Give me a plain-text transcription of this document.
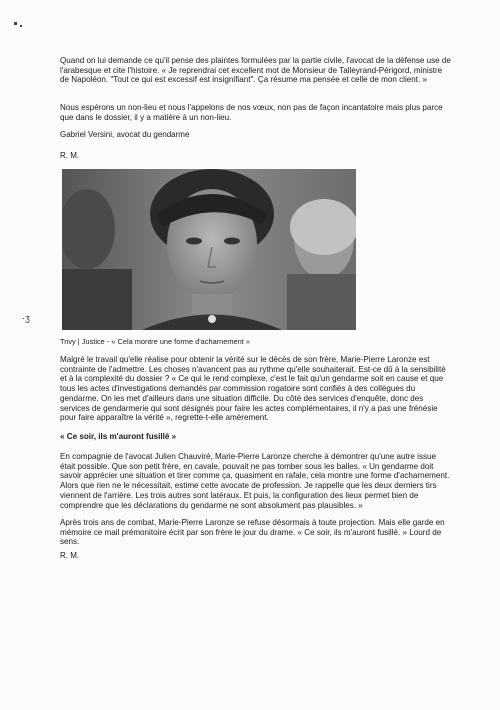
·ʒ

Quand on lui demande ce qu'il pense des plaintes formulées par la partie civile, l'avocat de la défense use de l'arabesque et cite l'histoire. « Je reprendrai cet excellent mot de Monsieur de Talleyrand-Périgord, ministre de Napoléon. "Tout ce qui est excessif est insignifiant". Ça résume ma pensée et celle de mon client. »

Nous espérons un non-lieu et nous l'appelons de nos vœux, non pas de façon incantatoire mais plus parce que dans le dossier, il y a matière à un non-lieu.

Gabriel Versini, avocat du gendarme
R. M.
Trivy | Justice - « Cela montre une forme d'acharnement »

Malgré le travail qu'elle réalise pour obtenir la vérité sur le décès de son frère, Marie-Pierre Laronze est contrainte de l'admettre. Les choses n'avancent pas au rythme qu'elle souhaiterait. Est-ce dû à la sensibilité et à la complexité du dossier ? « Ce qui le rend complexe, c'est le fait qu'un gendarme soit en cause et que tous les actes d'investigations demandés par commission rogatoire sont confiés à des collègues du gendarme. On les met d'ailleurs dans une situation difficile. Du côté des services d'enquête, donc des services de gendarmerie qui sont désignés pour faire les actes complémentaires, il n'y a pas une frénésie pour faire apparaître la vérité », regrette-t-elle amèrement.

« Ce soir, ils m'auront fusillé »

En compagnie de l'avocat Julien Chauviré, Marie-Pierre Laronze cherche à démontrer qu'une autre issue était possible. Que son petit frère, en cavale, pouvait ne pas tomber sous les balles. « Un gendarme doit savoir apprécier une situation et tirer comme ça, quasiment en rafale, cela montre une forme d'acharnement. Alors que rien ne le nécessitait, estime cette avocate de profession. Je rappelle que les deux derniers tirs viennent de l'arrière. Les trois autres sont latéraux. Et puis, la configuration des lieux permet bien de comprendre que les déclarations du gendarme ne sont absolument pas plausibles. »

Après trois ans de combat, Marie-Pierre Laronze se refuse désormais à toute projection. Mais elle garde en mémoire ce mail prémonitoire écrit par son frère le jour du drame. « Ce soir, ils m'auront fusillé. » Lourd de sens.

R. M.
